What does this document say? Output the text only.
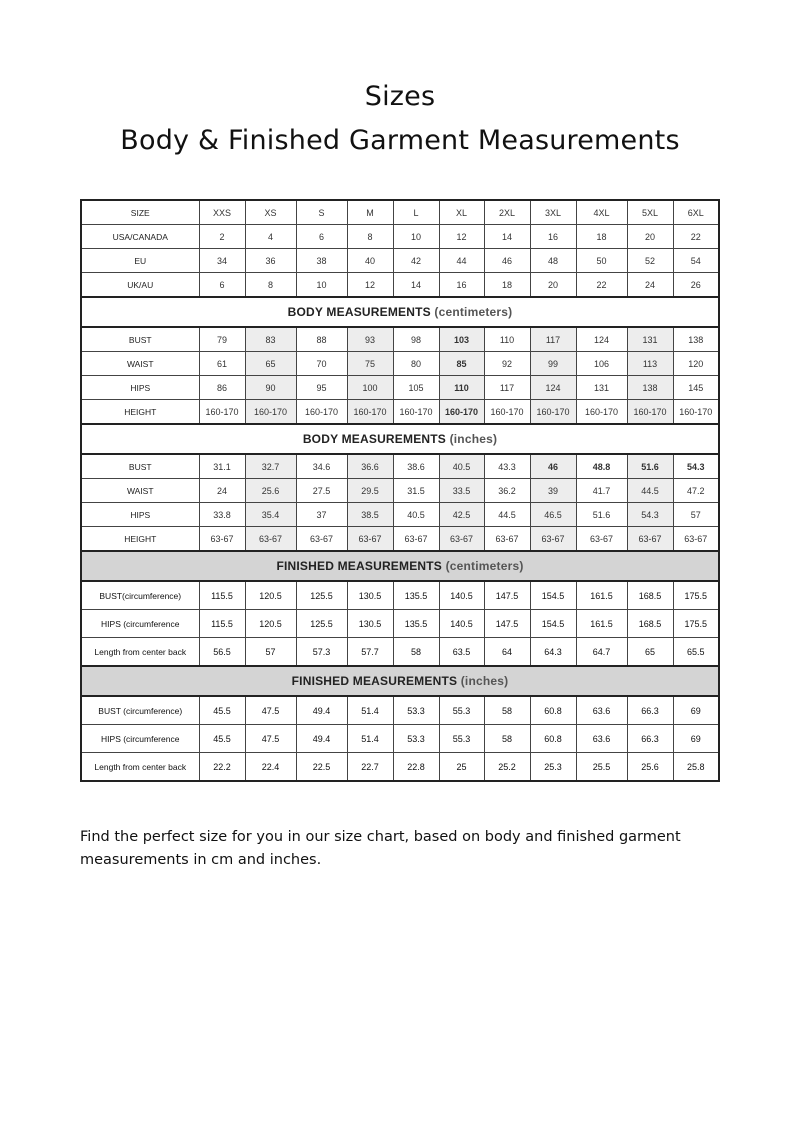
Sizes
Body & Finished Garment Measurements
SIZE	XXS	XS	S	M	L	XL	2XL	3XL	4XL	5XL	6XL
USA/CANADA	2	4	6	8	10	12	14	16	18	20	22
EU	34	36	38	40	42	44	46	48	50	52	54
UK/AU	6	8	10	12	14	16	18	20	22	24	26
BODY MEASUREMENTS (centimeters)											
BUST	79	83	88	93	98	103	110	117	124	131	138
WAIST	61	65	70	75	80	85	92	99	106	113	120
HIPS	86	90	95	100	105	110	117	124	131	138	145
HEIGHT	160-170	160-170	160-170	160-170	160-170	160-170	160-170	160-170	160-170	160-170	160-170
BODY MEASUREMENTS (inches)											
BUST	31.1	32.7	34.6	36.6	38.6	40.5	43.3	46	48.8	51.6	54.3
WAIST	24	25.6	27.5	29.5	31.5	33.5	36.2	39	41.7	44.5	47.2
HIPS	33.8	35.4	37	38.5	40.5	42.5	44.5	46.5	51.6	54.3	57
HEIGHT	63-67	63-67	63-67	63-67	63-67	63-67	63-67	63-67	63-67	63-67	63-67
FINISHED MEASUREMENTS (centimeters)											
BUST(circumference)	115.5	120.5	125.5	130.5	135.5	140.5	147.5	154.5	161.5	168.5	175.5
HIPS (circumference	115.5	120.5	125.5	130.5	135.5	140.5	147.5	154.5	161.5	168.5	175.5
Length from center back	56.5	57	57.3	57.7	58	63.5	64	64.3	64.7	65	65.5
FINISHED MEASUREMENTS (inches)											
BUST (circumference)	45.5	47.5	49.4	51.4	53.3	55.3	58	60.8	63.6	66.3	69
HIPS (circumference	45.5	47.5	49.4	51.4	53.3	55.3	58	60.8	63.6	66.3	69
Length from center back	22.2	22.4	22.5	22.7	22.8	25	25.2	25.3	25.5	25.6	25.8
Find the perfect size for you in our size chart, based on body and finished garment measurements in cm and inches.
